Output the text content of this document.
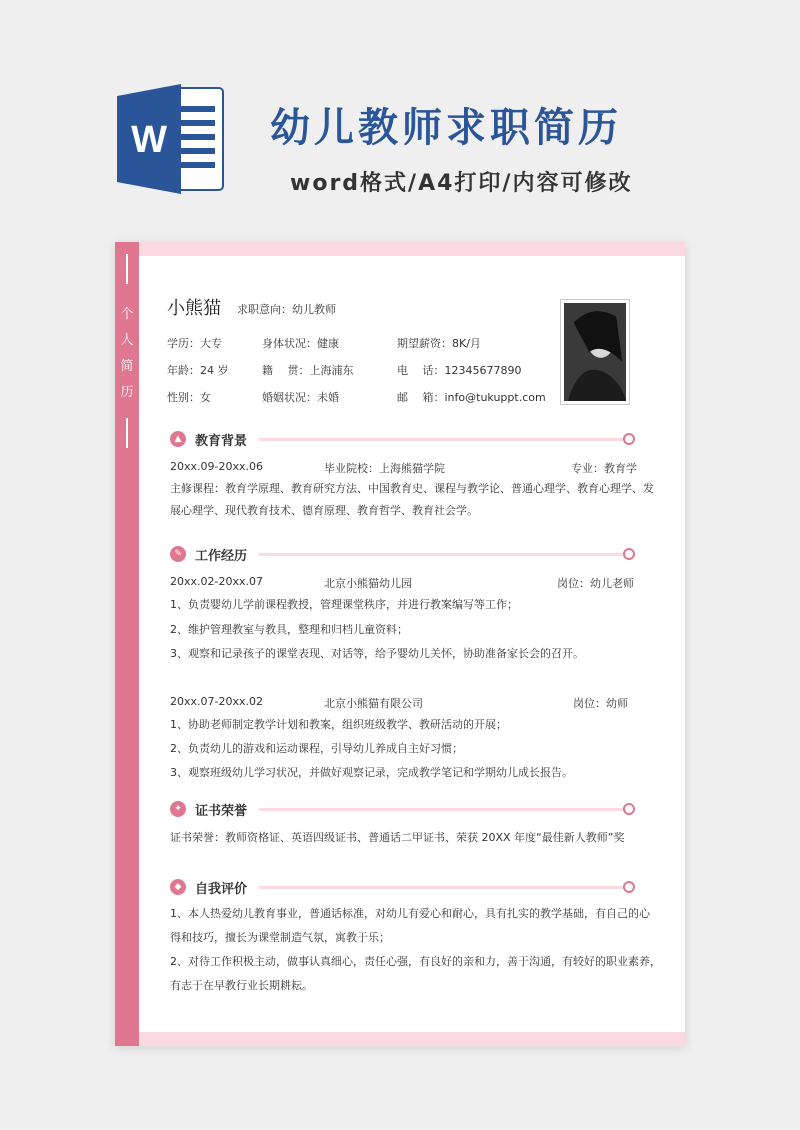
W	幼儿教师求职简历
word格式/A4打印/内容可修改
个人简历
小熊猫 求职意向：幼儿教师
学历：大专	身体状况：健康	期望薪资：8K/月
年龄：24 岁	籍　 贯：上海浦东	电　 话：12345677890
性别：女	婚姻状况：未婚	邮　 箱：info@tukuppt.com
▲	教育背景
20xx.09-20xx.06	毕业院校：上海熊猫学院	专业：教育学
主修课程：教育学原理、教育研究方法、中国教育史、课程与教学论、普通心理学、教育心理学、发
展心理学、现代教育技术、德育原理、教育哲学、教育社会学。
✎	工作经历
20xx.02-20xx.07	北京小熊猫幼儿园	岗位：幼儿老师
1、负责婴幼儿学前课程教授，管理课堂秩序，并进行教案编写等工作；
2、维护管理教室与教具，整理和归档儿童资料；
3、观察和记录孩子的课堂表现、对话等，给予婴幼儿关怀，协助准备家长会的召开。
20xx.07-20xx.02	北京小熊猫有限公司	岗位：幼师
1、协助老师制定教学计划和教案，组织班级教学、教研活动的开展；
2、负责幼儿的游戏和运动课程，引导幼儿养成自主好习惯；
3、观察班级幼儿学习状况，并做好观察记录，完成教学笔记和学期幼儿成长报告。
✦	证书荣誉
证书荣誉：教师资格证、英语四级证书、普通话二甲证书、荣获 20XX 年度“最佳新人教师”奖
◆	自我评价
1、本人热爱幼儿教育事业，普通话标准，对幼儿有爱心和耐心，具有扎实的教学基础，有自己的心
得和技巧，擅长为课堂制造气氛，寓教于乐；
2、对待工作积极主动，做事认真细心，责任心强，有良好的亲和力，善于沟通，有较好的职业素养，
有志于在早教行业长期耕耘。
